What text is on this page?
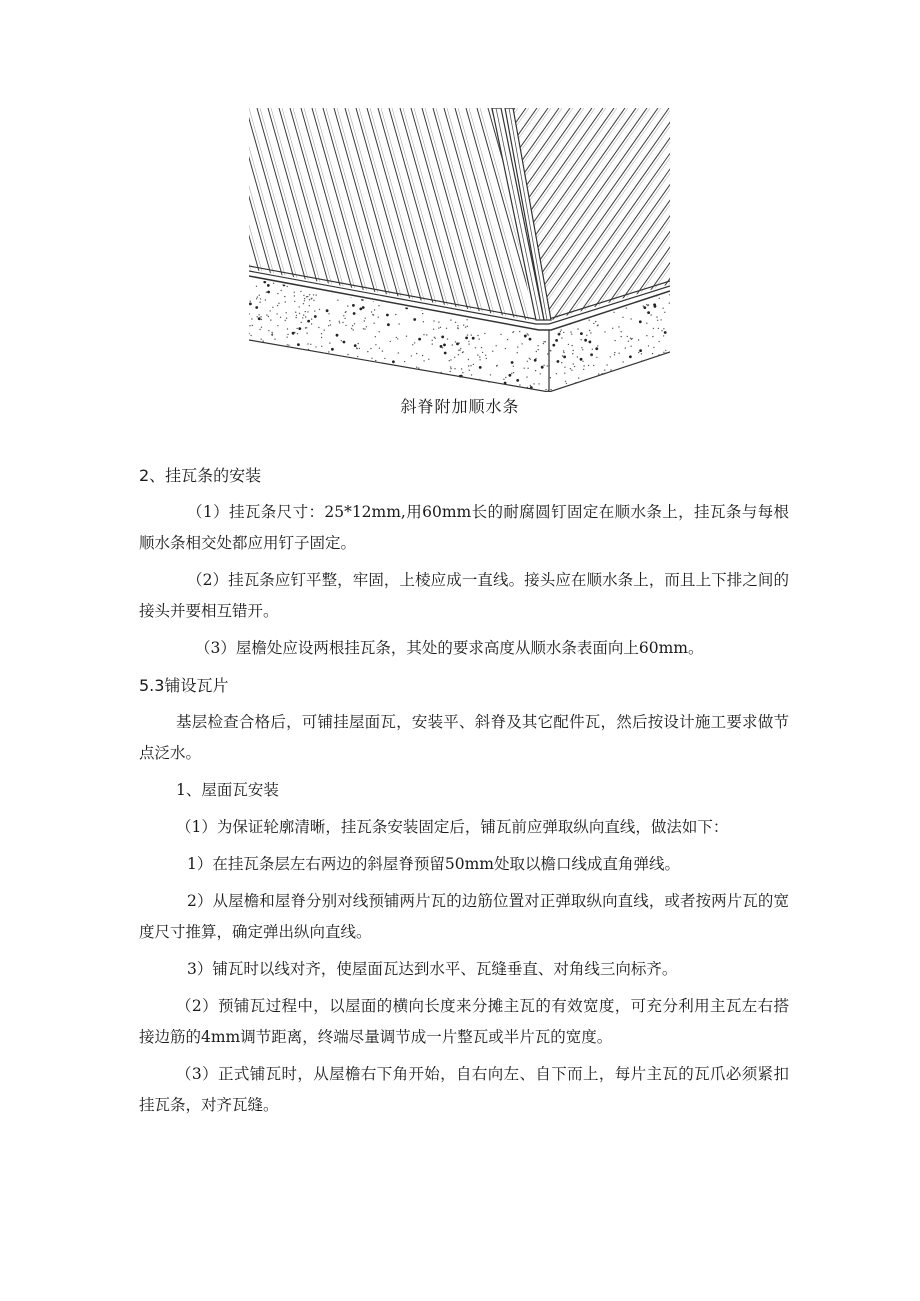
斜脊附加顺水条

2、挂瓦条的安装

（1）挂瓦条尺寸：25*12mm,用60mm长的耐腐圆钉固定在顺水条上，挂瓦条与每根顺水条相交处都应用钉子固定。

（2）挂瓦条应钉平整，牢固，上棱应成一直线。接头应在顺水条上，而且上下排之间的接头并要相互错开。

（3）屋檐处应设两根挂瓦条，其处的要求高度从顺水条表面向上60mm。

5.3铺设瓦片

基层检查合格后，可铺挂屋面瓦，安装平、斜脊及其它配件瓦，然后按设计施工要求做节点泛水。

1、屋面瓦安装

（1）为保证轮廓清晰，挂瓦条安装固定后，铺瓦前应弹取纵向直线，做法如下：

1）在挂瓦条层左右两边的斜屋脊预留50mm处取以檐口线成直角弹线。

2）从屋檐和屋脊分别对线预铺两片瓦的边筋位置对正弹取纵向直线，或者按两片瓦的宽度尺寸推算，确定弹出纵向直线。

3）铺瓦时以线对齐，使屋面瓦达到水平、瓦缝垂直、对角线三向标齐。

（2）预铺瓦过程中，以屋面的横向长度来分摊主瓦的有效宽度，可充分利用主瓦左右搭接边筋的4mm调节距离，终端尽量调节成一片整瓦或半片瓦的宽度。

（3）正式铺瓦时，从屋檐右下角开始，自右向左、自下而上，每片主瓦的瓦爪必须紧扣挂瓦条，对齐瓦缝。
